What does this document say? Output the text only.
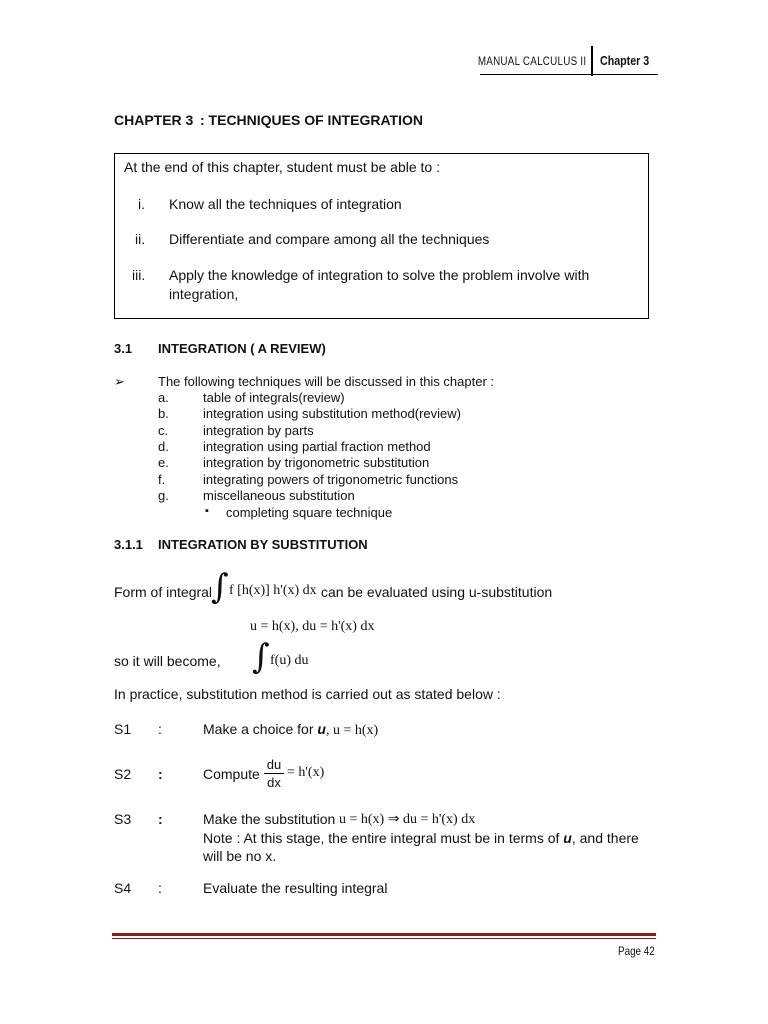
MANUAL CALCULUS II Chapter 3
CHAPTER 3 : TECHNIQUES OF INTEGRATION
At the end of this chapter, student must be able to :
i. Know all the techniques of integration
ii. Differentiate and compare among all the techniques
iii. Apply the knowledge of integration to solve the problem involve with
integration,
3.1 INTEGRATION ( A REVIEW)
➢	The following techniques will be discussed in this chapter :
a.	table of integrals(review)
b.	integration using substitution method(review)
c.	integration by parts
d.	integration using partial fraction method
e.	integration by trigonometric substitution
f.	integrating powers of trigonometric functions
g.	miscellaneous substitution
▪ completing square technique
3.1.1 INTEGRATION BY SUBSTITUTION
Form of integral
∫ f [h(x)] h'(x) dx can be evaluated using u-substitution
u = h(x), du = h'(x) dx
so it will become, ∫ f(u) du
In practice, substitution method is carried out as stated below :
S1 :	Make a choice for u, u = h(x)
S2 :	Compute
du
dx
= h'(x)
S3 :	Make the substitution u = h(x) ⇒ du = h'(x) dx
Note : At this stage, the entire integral must be in terms of u, and there
will be no x.
S4 :	Evaluate the resulting integral
Page 42
